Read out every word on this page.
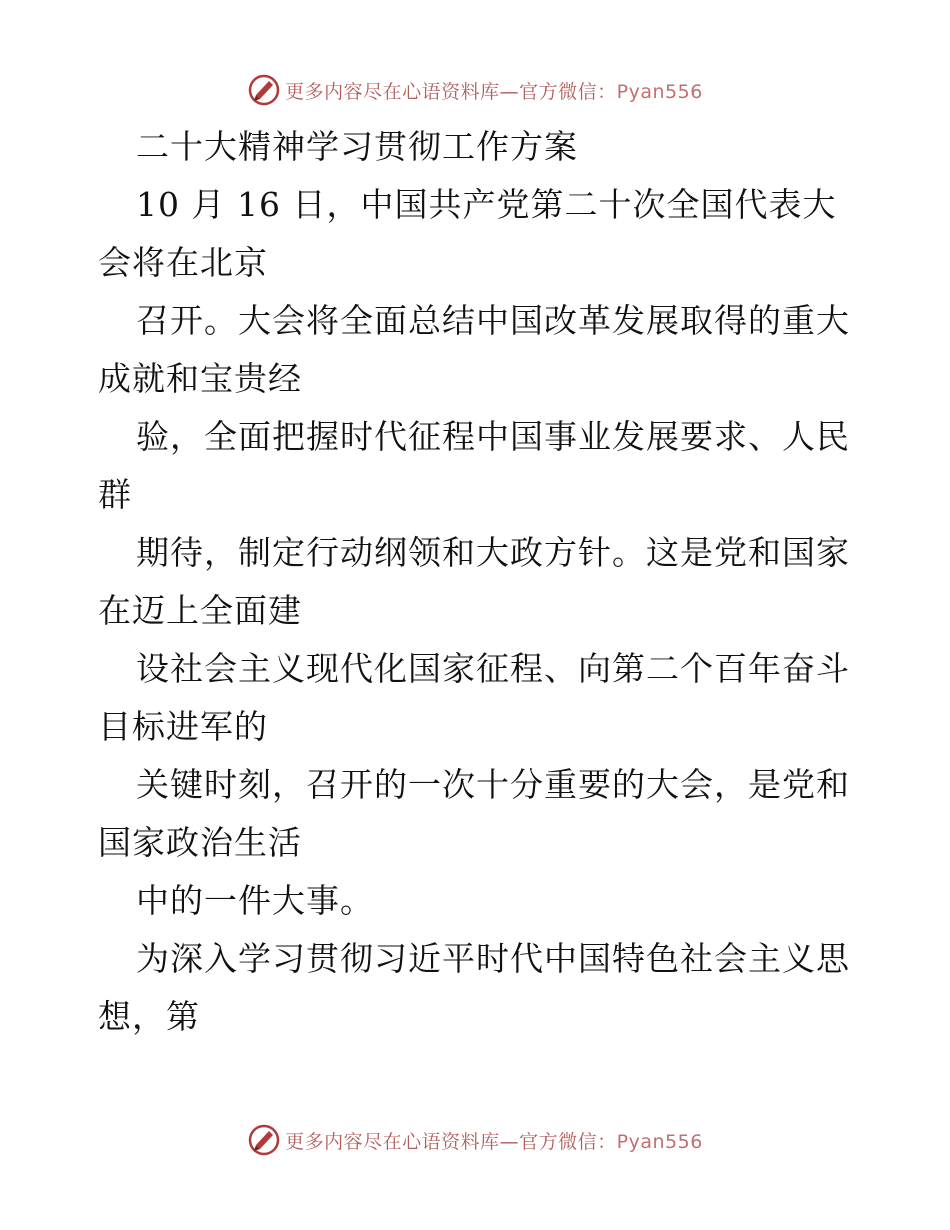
更多内容尽在心语资料库—官方微信：Pyan556
二十大精神学习贯彻工作方案
10 月 16 日，中国共产党第二十次全国代表大
会将在北京
召开。大会将全面总结中国改革发展取得的重大
成就和宝贵经
验，全面把握时代征程中国事业发展要求、人民
群
期待，制定行动纲领和大政方针。这是党和国家
在迈上全面建
设社会主义现代化国家征程、向第二个百年奋斗
目标进军的
关键时刻，召开的一次十分重要的大会，是党和
国家政治生活
中的一件大事。
为深入学习贯彻习近平时代中国特色社会主义思
想，第
更多内容尽在心语资料库—官方微信：Pyan556
